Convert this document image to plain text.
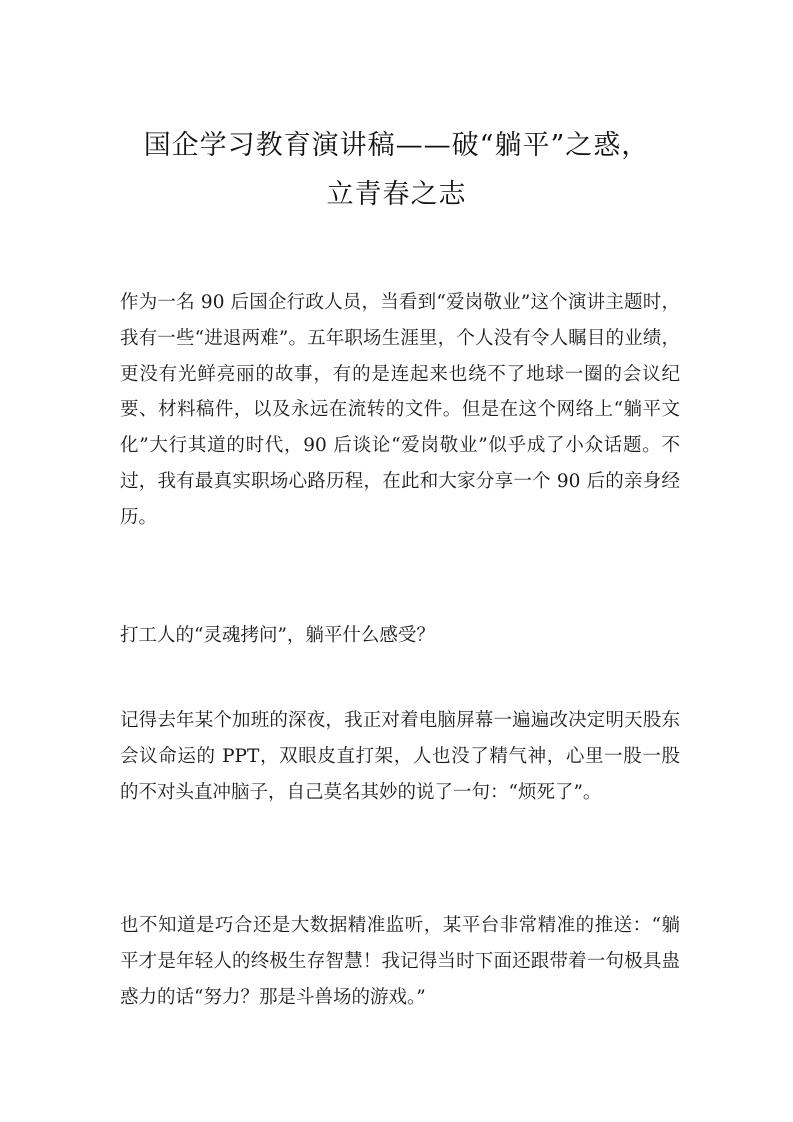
国企学习教育演讲稿——破“躺平”之惑，
立青春之志

作为一名 90 后国企行政人员，当看到“爱岗敬业”这个演讲主题时，我有一些“进退两难”。五年职场生涯里，个人没有令人瞩目的业绩，更没有光鲜亮丽的故事，有的是连起来也绕不了地球一圈的会议纪要、材料稿件，以及永远在流转的文件。但是在这个网络上“躺平文化”大行其道的时代，90 后谈论“爱岗敬业”似乎成了小众话题。不过，我有最真实职场心路历程，在此和大家分享一个 90 后的亲身经历。

打工人的“灵魂拷问”，躺平什么感受？

记得去年某个加班的深夜，我正对着电脑屏幕一遍遍改决定明天股东会议命运的 PPT，双眼皮直打架，人也没了精气神，心里一股一股的不对头直冲脑子，自己莫名其妙的说了一句：“烦死了”。

也不知道是巧合还是大数据精准监听，某平台非常精准的推送：“躺平才是年轻人的终极生存智慧！我记得当时下面还跟带着一句极具蛊惑力的话“努力？那是斗兽场的游戏。”
